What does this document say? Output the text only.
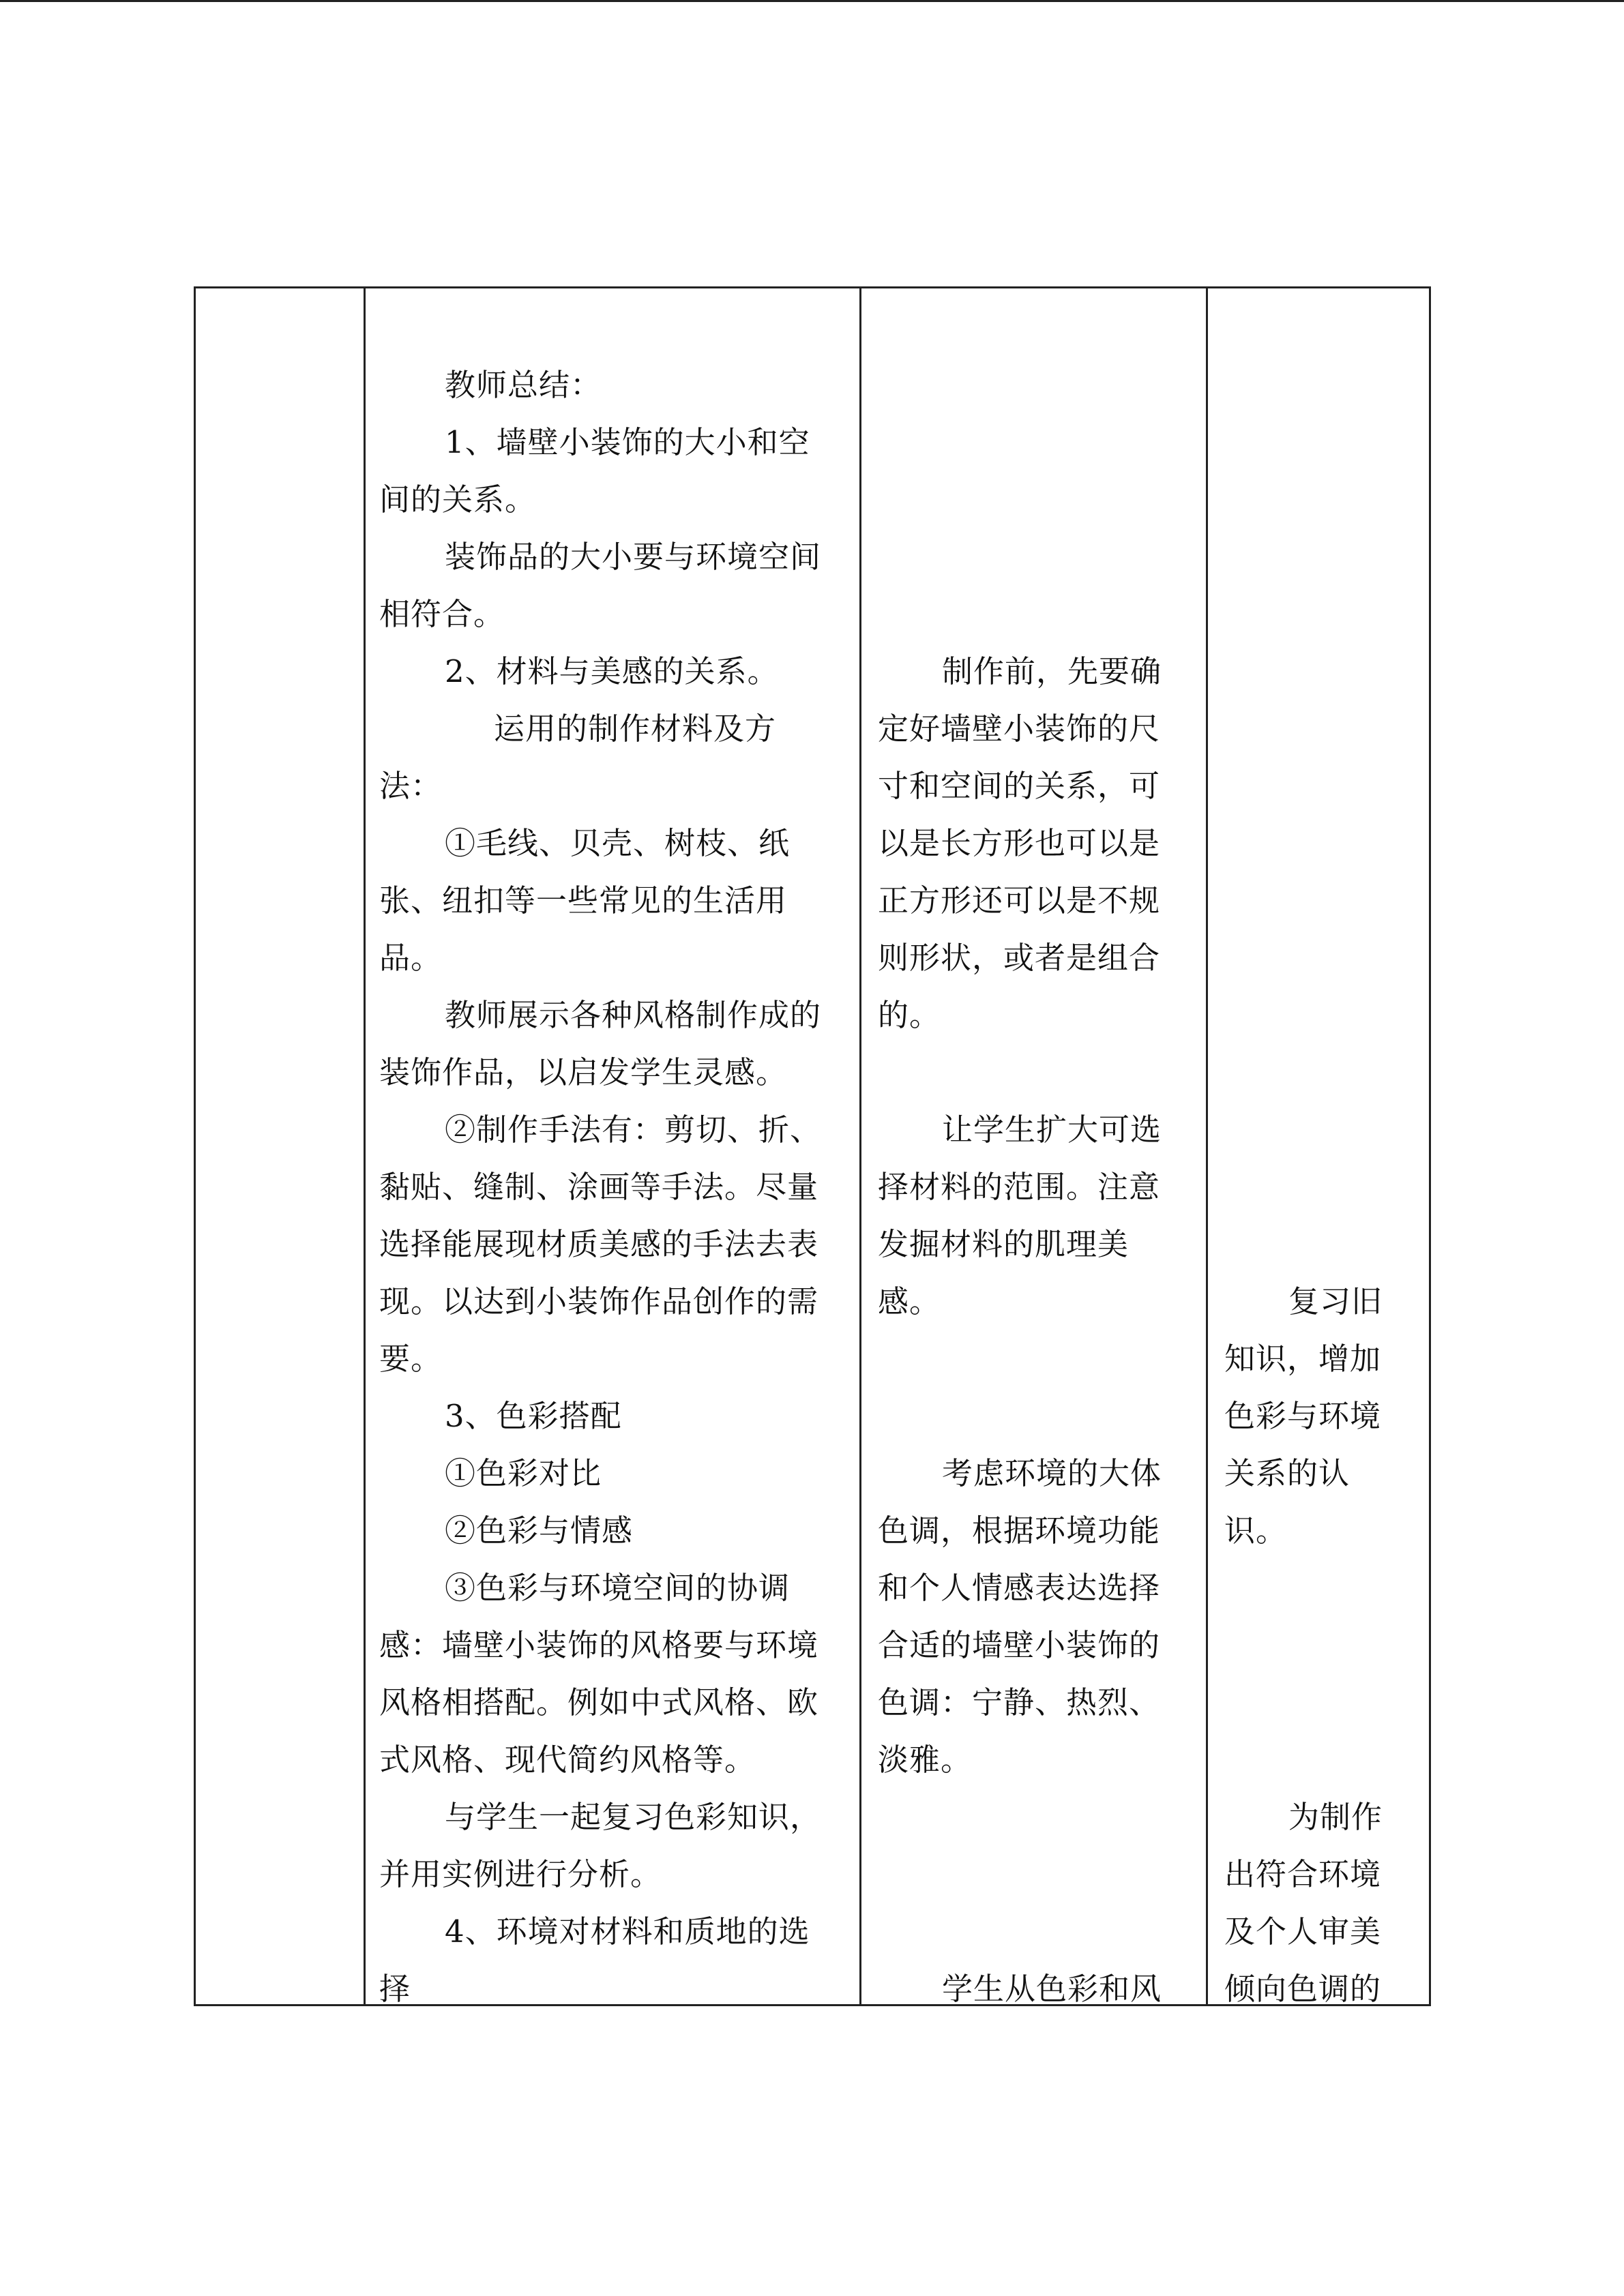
教师总结：
1、墙壁小装饰的大小和空
间的关系。
装饰品的大小要与环境空间
相符合。
2、材料与美感的关系。
运用的制作材料及方
法：
①毛线、贝壳、树枝、纸
张、纽扣等一些常见的生活用
品。
教师展示各种风格制作成的
装饰作品，以启发学生灵感。
②制作手法有：剪切、折、
黏贴、缝制、涂画等手法。尽量
选择能展现材质美感的手法去表
现。以达到小装饰作品创作的需
要。
3、色彩搭配
①色彩对比
②色彩与情感
③色彩与环境空间的协调
感：墙壁小装饰的风格要与环境
风格相搭配。例如中式风格、欧
式风格、现代简约风格等。
与学生一起复习色彩知识，
并用实例进行分析。
4、环境对材料和质地的选
择
制作前，先要确
定好墙壁小装饰的尺
寸和空间的关系，可
以是长方形也可以是
正方形还可以是不规
则形状，或者是组合
的。
让学生扩大可选
择材料的范围。注意
发掘材料的肌理美
感。
考虑环境的大体
色调，根据环境功能
和个人情感表达选择
合适的墙壁小装饰的
色调：宁静、热烈、
淡雅。
学生从色彩和风
复习旧
知识，增加
色彩与环境
关系的认
识。
为制作
出符合环境
及个人审美
倾向色调的
